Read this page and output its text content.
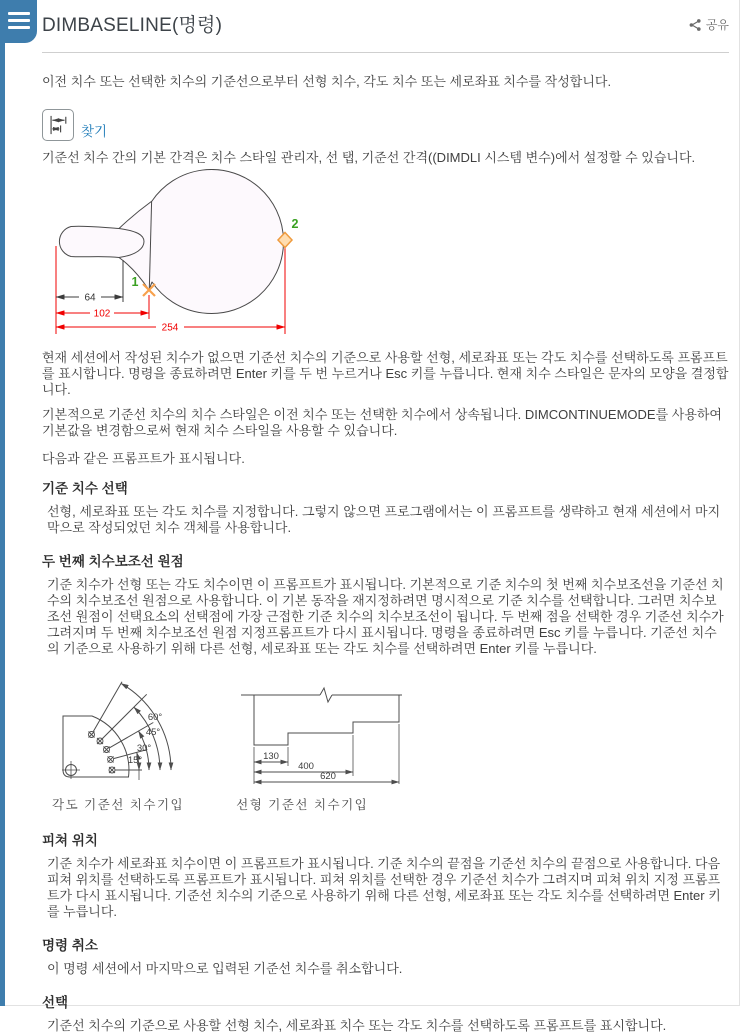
DIMBASELINE(명령)	공유

이전 치수 또는 선택한 치수의 기준선으로부터 선형 치수, 각도 치수 또는 세로좌표 치수를 작성합니다.

찾기

기준선 치수 간의 기본 간격은 치수 스타일 관리자, 선 탭, 기준선 간격((DIMDLI 시스템 변수)에서 설정할 수 있습니다.

64
102
254
1
2

현재 세션에서 작성된 치수가 없으면 기준선 치수의 기준으로 사용할 선형, 세로좌표 또는 각도 치수를 선택하도록 프롬프트를 표시합니다. 명령을 종료하려면 Enter 키를 두 번 누르거나 Esc 키를 누릅니다. 현재 치수 스타일은 문자의 모양을 결정합니다.

기본적으로 기준선 치수의 치수 스타일은 이전 치수 또는 선택한 치수에서 상속됩니다. DIMCONTINUEMODE를 사용하여 기본값을 변경함으로써 현재 치수 스타일을 사용할 수 있습니다.

다음과 같은 프롬프트가 표시됩니다.

기준 치수 선택

선형, 세로좌표 또는 각도 치수를 지정합니다. 그렇지 않으면 프로그램에서는 이 프롬프트를 생략하고 현재 세션에서 마지막으로 작성되었던 치수 객체를 사용합니다.

두 번째 치수보조선 원점

기준 치수가 선형 또는 각도 치수이면 이 프롬프트가 표시됩니다. 기본적으로 기준 치수의 첫 번째 치수보조선을 기준선 치수의 치수보조선 원점으로 사용합니다. 이 기본 동작을 재지정하려면 명시적으로 기준 치수를 선택합니다. 그러면 치수보조선 원점이 선택요소의 선택점에 가장 근접한 기준 치수의 치수보조선이 됩니다. 두 번째 점을 선택한 경우 기준선 치수가 그려지며 두 번째 치수보조선 원점 지정프롬프트가 다시 표시됩니다. 명령을 종료하려면 Esc 키를 누릅니다. 기준선 치수의 기준으로 사용하기 위해 다른 선형, 세로좌표 또는 각도 치수를 선택하려면 Enter 키를 누릅니다.

15°
30°
45°
60°
각도 기준선 치수기입
130
400
620
선형 기준선 치수기입
피쳐 위치

기준 치수가 세로좌표 치수이면 이 프롬프트가 표시됩니다. 기준 치수의 끝점을 기준선 치수의 끝점으로 사용합니다. 다음 피쳐 위치를 선택하도록 프롬프트가 표시됩니다. 피쳐 위치를 선택한 경우 기준선 치수가 그려지며 피쳐 위치 지정 프롬프트가 다시 표시됩니다. 기준선 치수의 기준으로 사용하기 위해 다른 선형, 세로좌표 또는 각도 치수를 선택하려면 Enter 키를 누릅니다.

명령 취소

이 명령 세션에서 마지막으로 입력된 기준선 치수를 취소합니다.

선택

기준선 치수의 기준으로 사용할 선형 치수, 세로좌표 치수 또는 각도 치수를 선택하도록 프롬프트를 표시합니다.
